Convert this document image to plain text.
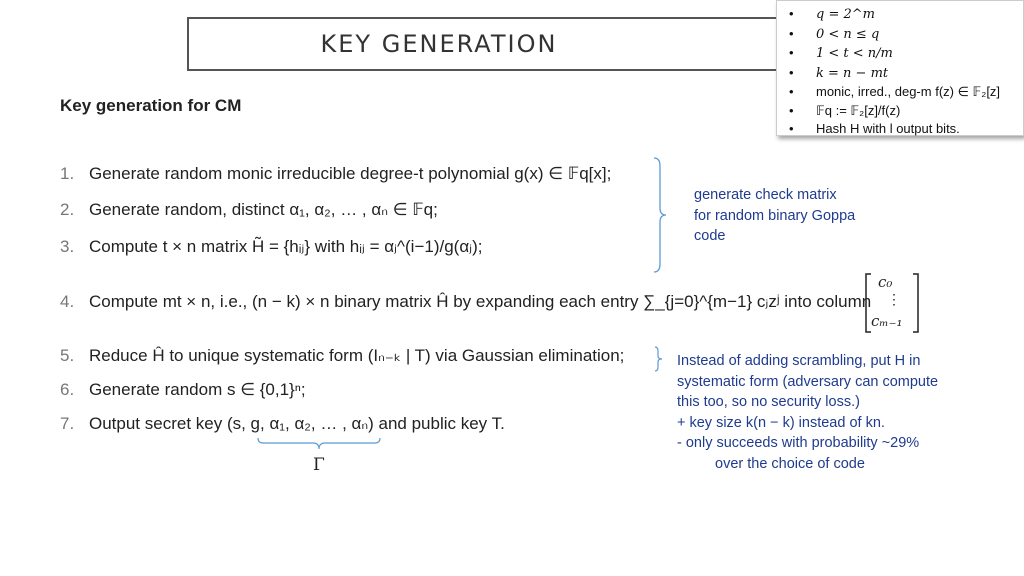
KEY GENERATION
• q = 2^m
• 0 < n ≤ q
• 1 < t < n/m
• k = n − mt
• monic, irred., deg-m f(z) ∈ 𝔽₂[z]
• 𝔽q := 𝔽₂[z]/f(z)
• Hash H with l output bits.
Key generation for CM
1. Generate random monic irreducible degree-t polynomial g(x) ∈ 𝔽q[x];
2. Generate random, distinct α₁, α₂, … , αₙ ∈ 𝔽q;
3. Compute t × n matrix H̃ = {hᵢⱼ} with hᵢⱼ = αⱼ^(i−1)/g(αⱼ);
4. Compute mt × n, i.e., (n − k) × n binary matrix Ĥ by expanding each entry ∑_{j=0}^{m−1} cⱼzʲ into column
5. Reduce Ĥ to unique systematic form (Iₙ₋ₖ | T) via Gaussian elimination;
6. Generate random s ∈ {0,1}ⁿ;
7. Output secret key (s, g, α₁, α₂, … , αₙ) and public key T.
c₀
⋮
cₘ₋₁
generate check matrix
for random binary Goppa
code
Instead of adding scrambling, put H in
systematic form (adversary can compute
this too, so no security loss.)
+ key size k(n − k) instead of kn.
- only succeeds with probability ~29%
over the choice of code
Γ
